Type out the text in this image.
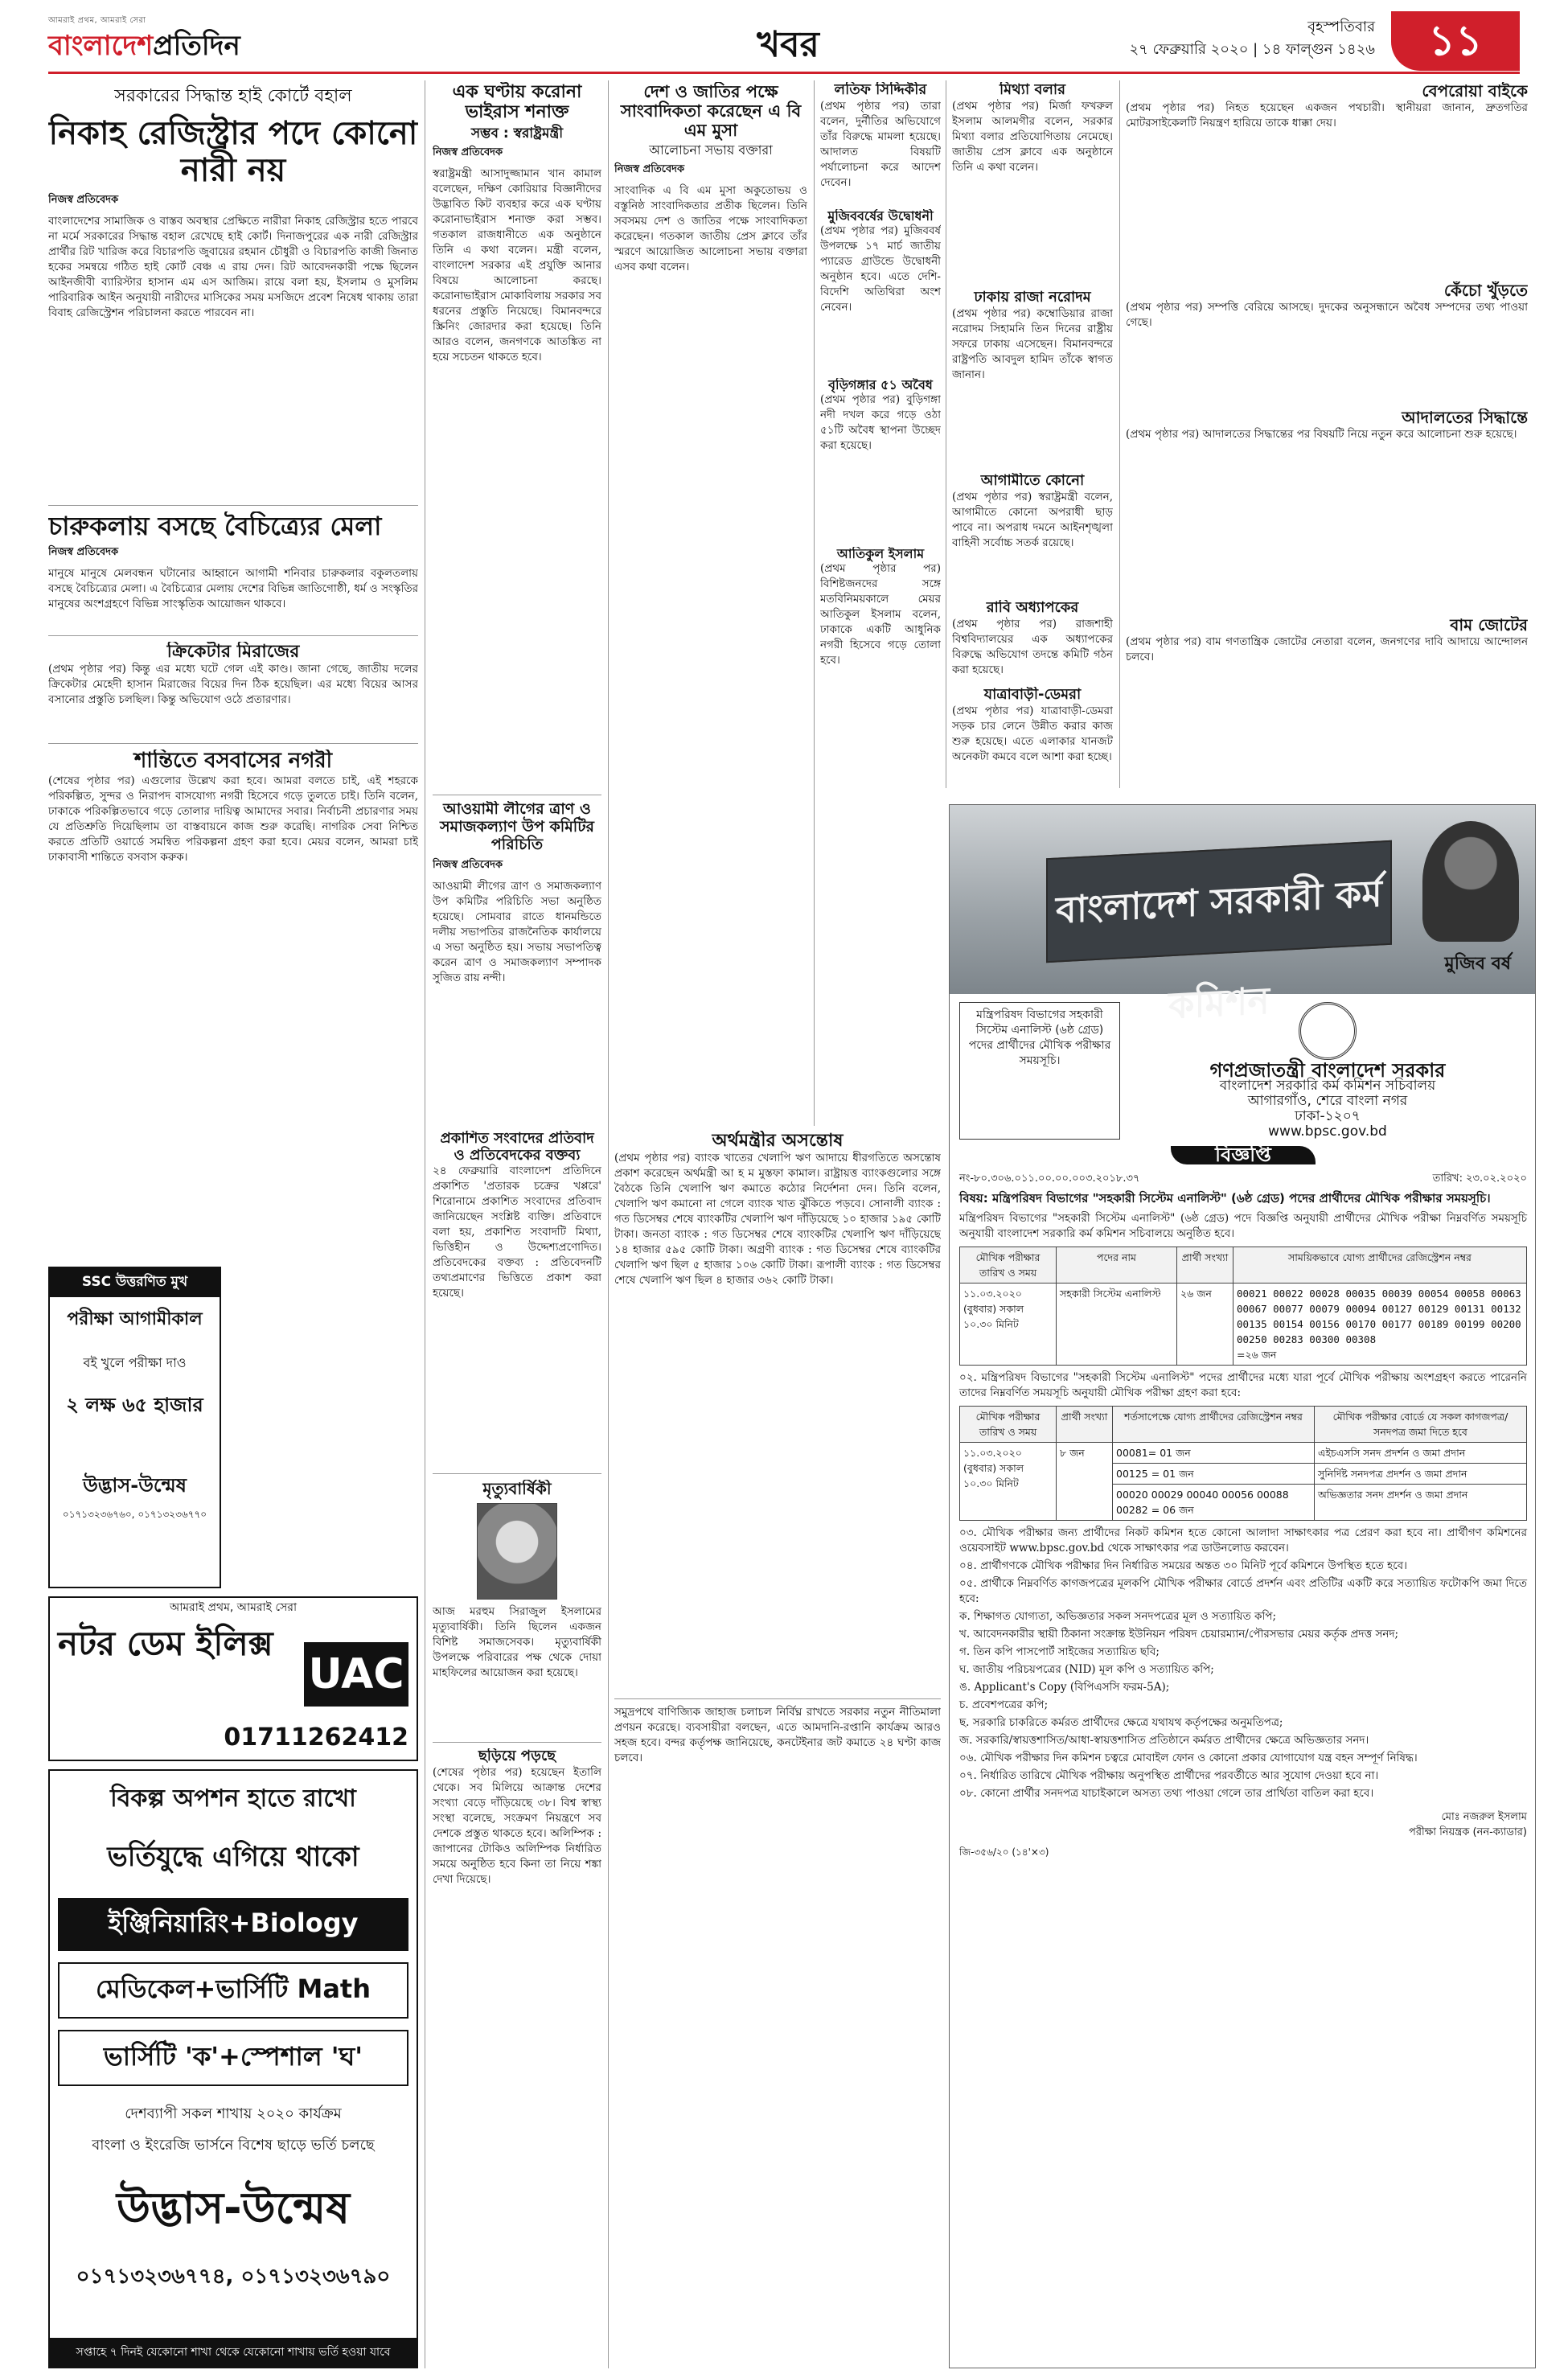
আমরাই প্রথম, আমরাই সেরা
বাংলাদেশপ্রতিদিন	খবর	বৃহস্পতিবার
২৭ ফেব্রুয়ারি ২০২০ | ১৪ ফাল্গুন ১৪২৬	১১
সরকারের সিদ্ধান্ত হাই কোর্টে বহাল
নিকাহ রেজিস্ট্রার পদে কোনো নারী নয়
নিজস্ব প্রতিবেদক
বাংলাদেশের সামাজিক ও বাস্তব অবস্থার প্রেক্ষিতে নারীরা নিকাহ রেজিস্ট্রার হতে পারবে না মর্মে সরকারের সিদ্ধান্ত বহাল রেখেছে হাই কোর্ট। দিনাজপুরের এক নারী রেজিস্ট্রার প্রার্থীর রিট খারিজ করে বিচারপতি জুবায়ের রহমান চৌধুরী ও বিচারপতি কাজী জিনাত হকের সমন্বয়ে গঠিত হাই কোর্ট বেঞ্চ এ রায় দেন। রিট আবেদনকারী পক্ষে ছিলেন আইনজীবী ব্যারিস্টার হাসান এম এস আজিম। রায়ে বলা হয়, ইসলাম ও মুসলিম পারিবারিক আইন অনুযায়ী নারীদের মাসিকের সময় মসজিদে প্রবেশ নিষেধ থাকায় তারা বিবাহ রেজিস্ট্রেশন পরিচালনা করতে পারবেন না।
চারুকলায় বসছে বৈচিত্র্যের মেলা
নিজস্ব প্রতিবেদক
মানুষে মানুষে মেলবন্ধন ঘটানোর আহ্বানে আগামী শনিবার চারুকলার বকুলতলায় বসছে বৈচিত্র্যের মেলা। এ বৈচিত্র্যের মেলায় দেশের বিভিন্ন জাতিগোষ্ঠী, ধর্ম ও সংস্কৃতির মানুষের অংশগ্রহণে বিভিন্ন সাংস্কৃতিক আয়োজন থাকবে।
ক্রিকেটার মিরাজের
(প্রথম পৃষ্ঠার পর) কিন্তু এর মধ্যে ঘটে গেল এই কাণ্ড। জানা গেছে, জাতীয় দলের ক্রিকেটার মেহেদী হাসান মিরাজের বিয়ের দিন ঠিক হয়েছিল। এর মধ্যে বিয়ের আসর বসানোর প্রস্তুতি চলছিল। কিন্তু অভিযোগ ওঠে প্রতারণার।
শান্তিতে বসবাসের নগরী
(শেষের পৃষ্ঠার পর) এগুলোর উল্লেখ করা হবে। আমরা বলতে চাই, এই শহরকে পরিকল্পিত, সুন্দর ও নিরাপদ বাসযোগ্য নগরী হিসেবে গড়ে তুলতে চাই। তিনি বলেন, ঢাকাকে পরিকল্পিতভাবে গড়ে তোলার দায়িত্ব আমাদের সবার। নির্বাচনী প্রচারণার সময় যে প্রতিশ্রুতি দিয়েছিলাম তা বাস্তবায়নে কাজ শুরু করেছি। নাগরিক সেবা নিশ্চিত করতে প্রতিটি ওয়ার্ডে সমন্বিত পরিকল্পনা গ্রহণ করা হবে। মেয়র বলেন, আমরা চাই ঢাকাবাসী শান্তিতে বসবাস করুক।
SSC উত্তরণিত মুখ
পরীক্ষা আগামীকাল
বই খুলে পরীক্ষা দাও
২ লক্ষ ৬৫ হাজার
উদ্ভাস-উন্মেষ
০১৭১৩২৩৬৭৬০, ০১৭১৩২৩৬৭৭০
আমরাই প্রথম, আমরাই সেরা
নটর ডেম ইলিক্স
UAC
01711262412
বিকল্প অপশন হাতে রাখো
ভর্তিযুদ্ধে এগিয়ে থাকো
ইঞ্জিনিয়ারিং+Biology
মেডিকেল+ভার্সিটি Math
ভার্সিটি 'ক'+স্পেশাল 'ঘ'
দেশব্যাপী সকল শাখায় ২০২০ কার্যক্রম
বাংলা ও ইংরেজি ভার্সনে বিশেষ ছাড়ে ভর্তি চলছে
উদ্ভাস-উন্মেষ
০১৭১৩২৩৬৭৭৪, ০১৭১৩২৩৬৭৯০
সপ্তাহে ৭ দিনই যেকোনো শাখা থেকে যেকোনো শাখায় ভর্তি হওয়া যাবে
এক ঘণ্টায় করোনা ভাইরাস শনাক্ত
সম্ভব : স্বরাষ্ট্রমন্ত্রী
নিজস্ব প্রতিবেদক
স্বরাষ্ট্রমন্ত্রী আসাদুজ্জামান খান কামাল বলেছেন, দক্ষিণ কোরিয়ার বিজ্ঞানীদের উদ্ভাবিত কিট ব্যবহার করে এক ঘণ্টায় করোনাভাইরাস শনাক্ত করা সম্ভব। গতকাল রাজধানীতে এক অনুষ্ঠানে তিনি এ কথা বলেন। মন্ত্রী বলেন, বাংলাদেশ সরকার এই প্রযুক্তি আনার বিষয়ে আলোচনা করছে। করোনাভাইরাস মোকাবিলায় সরকার সব ধরনের প্রস্তুতি নিয়েছে। বিমানবন্দরে স্ক্রিনিং জোরদার করা হয়েছে। তিনি আরও বলেন, জনগণকে আতঙ্কিত না হয়ে সচেতন থাকতে হবে।
আওয়ামী লীগের ত্রাণ ও সমাজকল্যাণ উপ কমিটির পরিচিতি
নিজস্ব প্রতিবেদক
আওয়ামী লীগের ত্রাণ ও সমাজকল্যাণ উপ কমিটির পরিচিতি সভা অনুষ্ঠিত হয়েছে। সোমবার রাতে ধানমন্ডিতে দলীয় সভাপতির রাজনৈতিক কার্যালয়ে এ সভা অনুষ্ঠিত হয়। সভায় সভাপতিত্ব করেন ত্রাণ ও সমাজকল্যাণ সম্পাদক সুজিত রায় নন্দী।
দেশ ও জাতির পক্ষে সাংবাদিকতা করেছেন এ বি এম মুসা
আলোচনা সভায় বক্তারা
নিজস্ব প্রতিবেদক
সাংবাদিক এ বি এম মুসা অকুতোভয় ও বস্তুনিষ্ঠ সাংবাদিকতার প্রতীক ছিলেন। তিনি সবসময় দেশ ও জাতির পক্ষে সাংবাদিকতা করেছেন। গতকাল জাতীয় প্রেস ক্লাবে তাঁর স্মরণে আয়োজিত আলোচনা সভায় বক্তারা এসব কথা বলেন।
লতিফ সিদ্দিকীর
(প্রথম পৃষ্ঠার পর) তারা বলেন, দুর্নীতির অভিযোগে তাঁর বিরুদ্ধে মামলা হয়েছে। আদালত বিষয়টি পর্যালোচনা করে আদেশ দেবেন।
মুজিববর্ষের উদ্বোধনী
(প্রথম পৃষ্ঠার পর) মুজিববর্ষ উপলক্ষে ১৭ মার্চ জাতীয় প্যারেড গ্রাউন্ডে উদ্বোধনী অনুষ্ঠান হবে। এতে দেশি-বিদেশি অতিথিরা অংশ নেবেন।
বৃড়িগঙ্গার ৫১ অবৈধ
(প্রথম পৃষ্ঠার পর) বুড়িগঙ্গা নদী দখল করে গড়ে ওঠা ৫১টি অবৈধ স্থাপনা উচ্ছেদ করা হয়েছে।
আতিকুল ইসলাম
(প্রথম পৃষ্ঠার পর) বিশিষ্টজনদের সঙ্গে মতবিনিময়কালে মেয়র আতিকুল ইসলাম বলেন, ঢাকাকে একটি আধুনিক নগরী হিসেবে গড়ে তোলা হবে।
প্রকাশিত সংবাদের প্রতিবাদ ও প্রতিবেদকের বক্তব্য
২৪ ফেব্রুয়ারি বাংলাদেশ প্রতিদিনে প্রকাশিত 'প্রতারক চক্রের খপ্পরে' শিরোনামে প্রকাশিত সংবাদের প্রতিবাদ জানিয়েছেন সংশ্লিষ্ট ব্যক্তি। প্রতিবাদে বলা হয়, প্রকাশিত সংবাদটি মিথ্যা, ভিত্তিহীন ও উদ্দেশ্যপ্রণোদিত। প্রতিবেদকের বক্তব্য : প্রতিবেদনটি তথ্যপ্রমাণের ভিত্তিতে প্রকাশ করা হয়েছে।
মৃত্যুবার্ষিকী
আজ মরহুম সিরাজুল ইসলামের মৃত্যুবার্ষিকী। তিনি ছিলেন একজন বিশিষ্ট সমাজসেবক। মৃত্যুবার্ষিকী উপলক্ষে পরিবারের পক্ষ থেকে দোয়া মাহফিলের আয়োজন করা হয়েছে।
ছড়িয়ে পড়ছে
(শেষের পৃষ্ঠার পর) হয়েছেন ইতালি থেকে। সব মিলিয়ে আক্রান্ত দেশের সংখ্যা বেড়ে দাঁড়িয়েছে ৩৮। বিশ্ব স্বাস্থ্য সংস্থা বলেছে, সংক্রমণ নিয়ন্ত্রণে সব দেশকে প্রস্তুত থাকতে হবে। অলিম্পিক : জাপানের টোকিও অলিম্পিক নির্ধারিত সময়ে অনুষ্ঠিত হবে কিনা তা নিয়ে শঙ্কা দেখা দিয়েছে।
অর্থমন্ত্রীর অসন্তোষ
(প্রথম পৃষ্ঠার পর) ব্যাংক খাতের খেলাপি ঋণ আদায়ে ধীরগতিতে অসন্তোষ প্রকাশ করেছেন অর্থমন্ত্রী আ হ ম মুস্তফা কামাল। রাষ্ট্রায়ত্ত ব্যাংকগুলোর সঙ্গে বৈঠকে তিনি খেলাপি ঋণ কমাতে কঠোর নির্দেশনা দেন। তিনি বলেন, খেলাপি ঋণ কমানো না গেলে ব্যাংক খাত ঝুঁকিতে পড়বে। সোনালী ব্যাংক : গত ডিসেম্বর শেষে ব্যাংকটির খেলাপি ঋণ দাঁড়িয়েছে ১০ হাজার ১৯৫ কোটি টাকা। জনতা ব্যাংক : গত ডিসেম্বর শেষে ব্যাংকটির খেলাপি ঋণ দাঁড়িয়েছে ১৪ হাজার ৫৯৫ কোটি টাকা। অগ্রণী ব্যাংক : গত ডিসেম্বর শেষে ব্যাংকটির খেলাপি ঋণ ছিল ৫ হাজার ১০৬ কোটি টাকা। রূপালী ব্যাংক : গত ডিসেম্বর শেষে খেলাপি ঋণ ছিল ৪ হাজার ৩৬২ কোটি টাকা।
সমুদ্রপথে বাণিজ্যিক জাহাজ চলাচল নির্বিঘ্ন রাখতে সরকার নতুন নীতিমালা প্রণয়ন করেছে। ব্যবসায়ীরা বলছেন, এতে আমদানি-রপ্তানি কার্যক্রম আরও সহজ হবে। বন্দর কর্তৃপক্ষ জানিয়েছে, কনটেইনার জট কমাতে ২৪ ঘণ্টা কাজ চলবে।
মিথ্যা বলার
(প্রথম পৃষ্ঠার পর) মির্জা ফখরুল ইসলাম আলমগীর বলেন, সরকার মিথ্যা বলার প্রতিযোগিতায় নেমেছে। জাতীয় প্রেস ক্লাবে এক অনুষ্ঠানে তিনি এ কথা বলেন।
ঢাকায় রাজা নরোদম
(প্রথম পৃষ্ঠার পর) কম্বোডিয়ার রাজা নরোদম সিহামনি তিন দিনের রাষ্ট্রীয় সফরে ঢাকায় এসেছেন। বিমানবন্দরে রাষ্ট্রপতি আবদুল হামিদ তাঁকে স্বাগত জানান।
আগামীতে কোনো
(প্রথম পৃষ্ঠার পর) স্বরাষ্ট্রমন্ত্রী বলেন, আগামীতে কোনো অপরাধী ছাড় পাবে না। অপরাধ দমনে আইনশৃঙ্খলা বাহিনী সর্বোচ্চ সতর্ক রয়েছে।
রাবি অধ্যাপকের
(প্রথম পৃষ্ঠার পর) রাজশাহী বিশ্ববিদ্যালয়ের এক অধ্যাপকের বিরুদ্ধে অভিযোগ তদন্তে কমিটি গঠন করা হয়েছে।
যাত্রাবাড়ী-ডেমরা
(প্রথম পৃষ্ঠার পর) যাত্রাবাড়ী-ডেমরা সড়ক চার লেনে উন্নীত করার কাজ শুরু হয়েছে। এতে এলাকার যানজট অনেকটা কমবে বলে আশা করা হচ্ছে।
বেপরোয়া বাইকে
(প্রথম পৃষ্ঠার পর) নিহত হয়েছেন একজন পথচারী। স্থানীয়রা জানান, দ্রুতগতির মোটরসাইকেলটি নিয়ন্ত্রণ হারিয়ে তাকে ধাক্কা দেয়।
কেঁচো খুঁড়তে
(প্রথম পৃষ্ঠার পর) সম্পত্তি বেরিয়ে আসছে। দুদকের অনুসন্ধানে অবৈধ সম্পদের তথ্য পাওয়া গেছে।
আদালতের সিদ্ধান্তে
(প্রথম পৃষ্ঠার পর) আদালতের সিদ্ধান্তের পর বিষয়টি নিয়ে নতুন করে আলোচনা শুরু হয়েছে।
বাম জোটের
(প্রথম পৃষ্ঠার পর) বাম গণতান্ত্রিক জোটের নেতারা বলেন, জনগণের দাবি আদায়ে আন্দোলন চলবে।
বাংলাদেশ সরকারী কর্ম কমিশন
মুজিব বর্ষ
মন্ত্রিপরিষদ বিভাগের সহকারী সিস্টেম এনালিস্ট (৬ষ্ঠ গ্রেড) পদের প্রার্থীদের মৌখিক পরীক্ষার সময়সূচি।	গণপ্রজাতন্ত্রী বাংলাদেশ সরকার
বাংলাদেশ সরকারি কর্ম কমিশন সচিবালয়
আগারগাঁও, শেরে বাংলা নগর
ঢাকা-১২০৭
www.bpsc.gov.bd
বিজ্ঞপ্তি
নং-৮০.৩০৬.০১১.০০.০০.০০৩.২০১৮.৩৭	তারিখ: ২৩.০২.২০২০
বিষয়: মন্ত্রিপরিষদ বিভাগের "সহকারী সিস্টেম এনালিস্ট" (৬ষ্ঠ গ্রেড) পদের প্রার্থীদের মৌখিক পরীক্ষার সময়সূচি।

মন্ত্রিপরিষদ বিভাগের "সহকারী সিস্টেম এনালিস্ট" (৬ষ্ঠ গ্রেড) পদে বিজ্ঞপ্তি অনুযায়ী প্রার্থীদের মৌখিক পরীক্ষা নিম্নবর্ণিত সময়সূচি অনুযায়ী বাংলাদেশ সরকারি কর্ম কমিশন সচিবালয়ে অনুষ্ঠিত হবে।

মৌখিক পরীক্ষার তারিখ ও সময়	পদের নাম	প্রার্থী সংখ্যা	সাময়িকভাবে যোগ্য প্রার্থীদের রেজিস্ট্রেশন নম্বর
১১.০৩.২০২০ (বুধবার) সকাল ১০.৩০ মিনিট	সহকারী সিস্টেম এনালিস্ট	২৬ জন	00021 00022 00028 00035 00039 00054 00058 00063 00067 00077 00079 00094 00127 00129 00131 00132 00135 00154 00156 00170 00177 00189 00199 00200 00250 00283 00300 00308
=২৬ জন

০২. মন্ত্রিপরিষদ বিভাগের "সহকারী সিস্টেম এনালিস্ট" পদের প্রার্থীদের মধ্যে যারা পূর্বে মৌখিক পরীক্ষায় অংশগ্রহণ করতে পারেননি তাদের নিম্নবর্ণিত সময়সূচি অনুযায়ী মৌখিক পরীক্ষা গ্রহণ করা হবে:

মৌখিক পরীক্ষার তারিখ ও সময়	প্রার্থী সংখ্যা	শর্তসাপেক্ষে যোগ্য প্রার্থীদের রেজিস্ট্রেশন নম্বর	মৌখিক পরীক্ষার বোর্ডে যে সকল কাগজপত্র/সনদপত্র জমা দিতে হবে
১১.০৩.২০২০ (বুধবার) সকাল ১০.৩০ মিনিট	৮ জন	00081= 01 জন	এইচএসসি সনদ প্রদর্শন ও জমা প্রদান
		00125 = 01 জন	সুনির্দিষ্ট সনদপত্র প্রদর্শন ও জমা প্রদান
		00020 00029 00040 00056 00088 00282 = 06 জন	অভিজ্ঞতার সনদ প্রদর্শন ও জমা প্রদান

০৩. মৌখিক পরীক্ষার জন্য প্রার্থীদের নিকট কমিশন হতে কোনো আলাদা সাক্ষাৎকার পত্র প্রেরণ করা হবে না। প্রার্থীগণ কমিশনের ওয়েবসাইট www.bpsc.gov.bd থেকে সাক্ষাৎকার পত্র ডাউনলোড করবেন।

০৪. প্রার্থীগণকে মৌখিক পরীক্ষার দিন নির্ধারিত সময়ের অন্তত ৩০ মিনিট পূর্বে কমিশনে উপস্থিত হতে হবে।

০৫. প্রার্থীকে নিম্নবর্ণিত কাগজপত্রের মূলকপি মৌখিক পরীক্ষার বোর্ডে প্রদর্শন এবং প্রতিটির একটি করে সত্যায়িত ফটোকপি জমা দিতে হবে:

ক. শিক্ষাগত যোগ্যতা, অভিজ্ঞতার সকল সনদপত্রের মূল ও সত্যায়িত কপি;

খ. আবেদনকারীর স্থায়ী ঠিকানা সংক্রান্ত ইউনিয়ন পরিষদ চেয়ারম্যান/পৌরসভার মেয়র কর্তৃক প্রদত্ত সনদ;

গ. তিন কপি পাসপোর্ট সাইজের সত্যায়িত ছবি;

ঘ. জাতীয় পরিচয়পত্রের (NID) মূল কপি ও সত্যায়িত কপি;

ঙ. Applicant's Copy (বিপিএসসি ফরম-5A);

চ. প্রবেশপত্রের কপি;

ছ. সরকারি চাকরিতে কর্মরত প্রার্থীদের ক্ষেত্রে যথাযথ কর্তৃপক্ষের অনুমতিপত্র;

জ. সরকারি/স্বায়ত্তশাসিত/আধা-স্বায়ত্তশাসিত প্রতিষ্ঠানে কর্মরত প্রার্থীদের ক্ষেত্রে অভিজ্ঞতার সনদ।

০৬. মৌখিক পরীক্ষার দিন কমিশন চত্বরে মোবাইল ফোন ও কোনো প্রকার যোগাযোগ যন্ত্র বহন সম্পূর্ণ নিষিদ্ধ।

০৭. নির্ধারিত তারিখে মৌখিক পরীক্ষায় অনুপস্থিত প্রার্থীদের পরবর্তীতে আর সুযোগ দেওয়া হবে না।

০৮. কোনো প্রার্থীর সনদপত্র যাচাইকালে অসত্য তথ্য পাওয়া গেলে তার প্রার্থিতা বাতিল করা হবে।

মোঃ নজরুল ইসলাম
পরীক্ষা নিয়ন্ত্রক (নন-ক্যাডার)
জি-৩৫৬/২০ (১৪'×৩)
